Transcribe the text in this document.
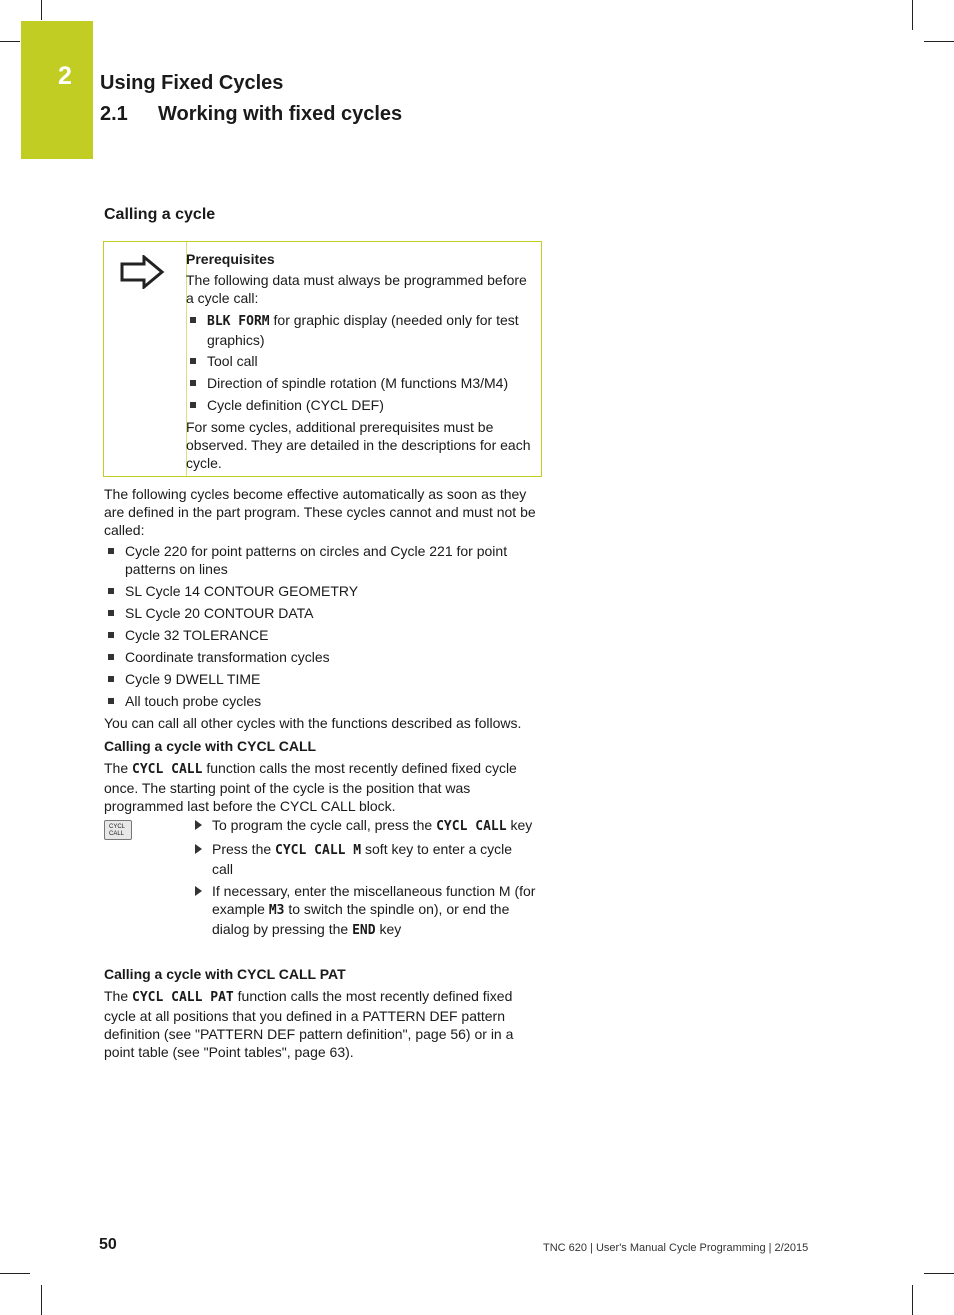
2 Using Fixed Cycles
2.1 Working with fixed cycles
Calling a cycle
Prerequisites
The following data must always be programmed before a cycle call:
BLK FORM for graphic display (needed only for test graphics)
Tool call
Direction of spindle rotation (M functions M3/M4)
Cycle definition (CYCL DEF)
For some cycles, additional prerequisites must be observed. They are detailed in the descriptions for each cycle.
The following cycles become effective automatically as soon as they are defined in the part program. These cycles cannot and must not be called:
Cycle 220 for point patterns on circles and Cycle 221 for point patterns on lines
SL Cycle 14 CONTOUR GEOMETRY
SL Cycle 20 CONTOUR DATA
Cycle 32 TOLERANCE
Coordinate transformation cycles
Cycle 9 DWELL TIME
All touch probe cycles
You can call all other cycles with the functions described as follows.
Calling a cycle with CYCL CALL
The CYCL CALL function calls the most recently defined fixed cycle once. The starting point of the cycle is the position that was programmed last before the CYCL CALL block.
CYCL
CALL
To program the cycle call, press the CYCL CALL key
Press the CYCL CALL M soft key to enter a cycle call
If necessary, enter the miscellaneous function M (for example M3 to switch the spindle on), or end the dialog by pressing the END key
Calling a cycle with CYCL CALL PAT
The CYCL CALL PAT function calls the most recently defined fixed cycle at all positions that you defined in a PATTERN DEF pattern definition (see "PATTERN DEF pattern definition", page 56) or in a point table (see "Point tables", page 63).
50	TNC 620 | User's Manual Cycle Programming | 2/2015
